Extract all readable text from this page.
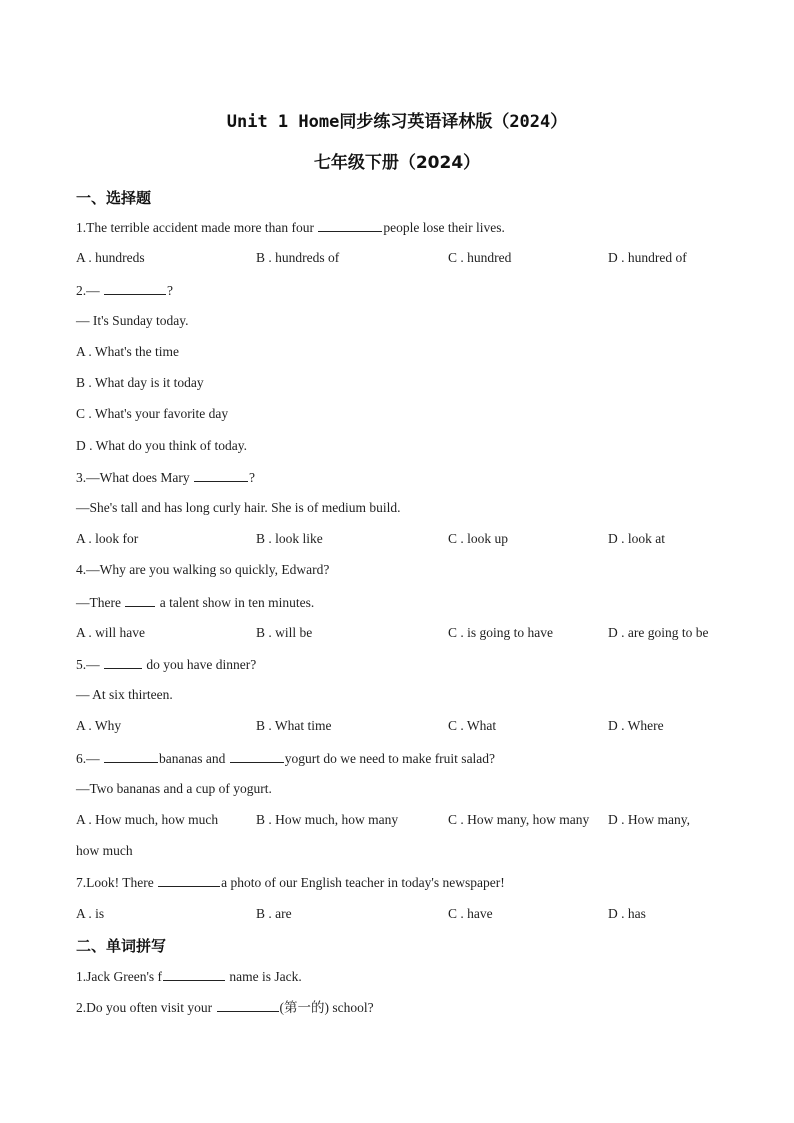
Unit 1 Home同步练习英语译林版（2024）
七年级下册（2024）
一、选择题
1.The terrible accident made more than four	people lose their lives.
A . hundreds	B . hundreds of	C . hundred	D . hundred of
2.—	?
— It's Sunday today.
A . What's the time
B . What day is it today
C . What's your favorite day
D . What do you think of today.
3.—What does Mary	?
—She's tall and has long curly hair. She is of medium build.
A . look for	B . look like	C . look up	D . look at
4.—Why are you walking so quickly, Edward?
—There  a talent show in ten minutes.
A . will have	B . will be	C . is going to have	D . are going to be
5.—	do you have dinner?
— At six thirteen.
A . Why	B . What time	C . What	D . Where
6.—	bananas and	yogurt do we need to make fruit salad?
—Two bananas and a cup of yogurt.
A . How much, how much	B . How much, how many	C . How many, how many D . How many,
how much
7.Look! There	a photo of our English teacher in today's newspaper!
A . is	B . are	C . have	D . has
二、单词拼写
1.Jack Green's f	name is Jack.
2.Do you often visit your	(第一的) school?
